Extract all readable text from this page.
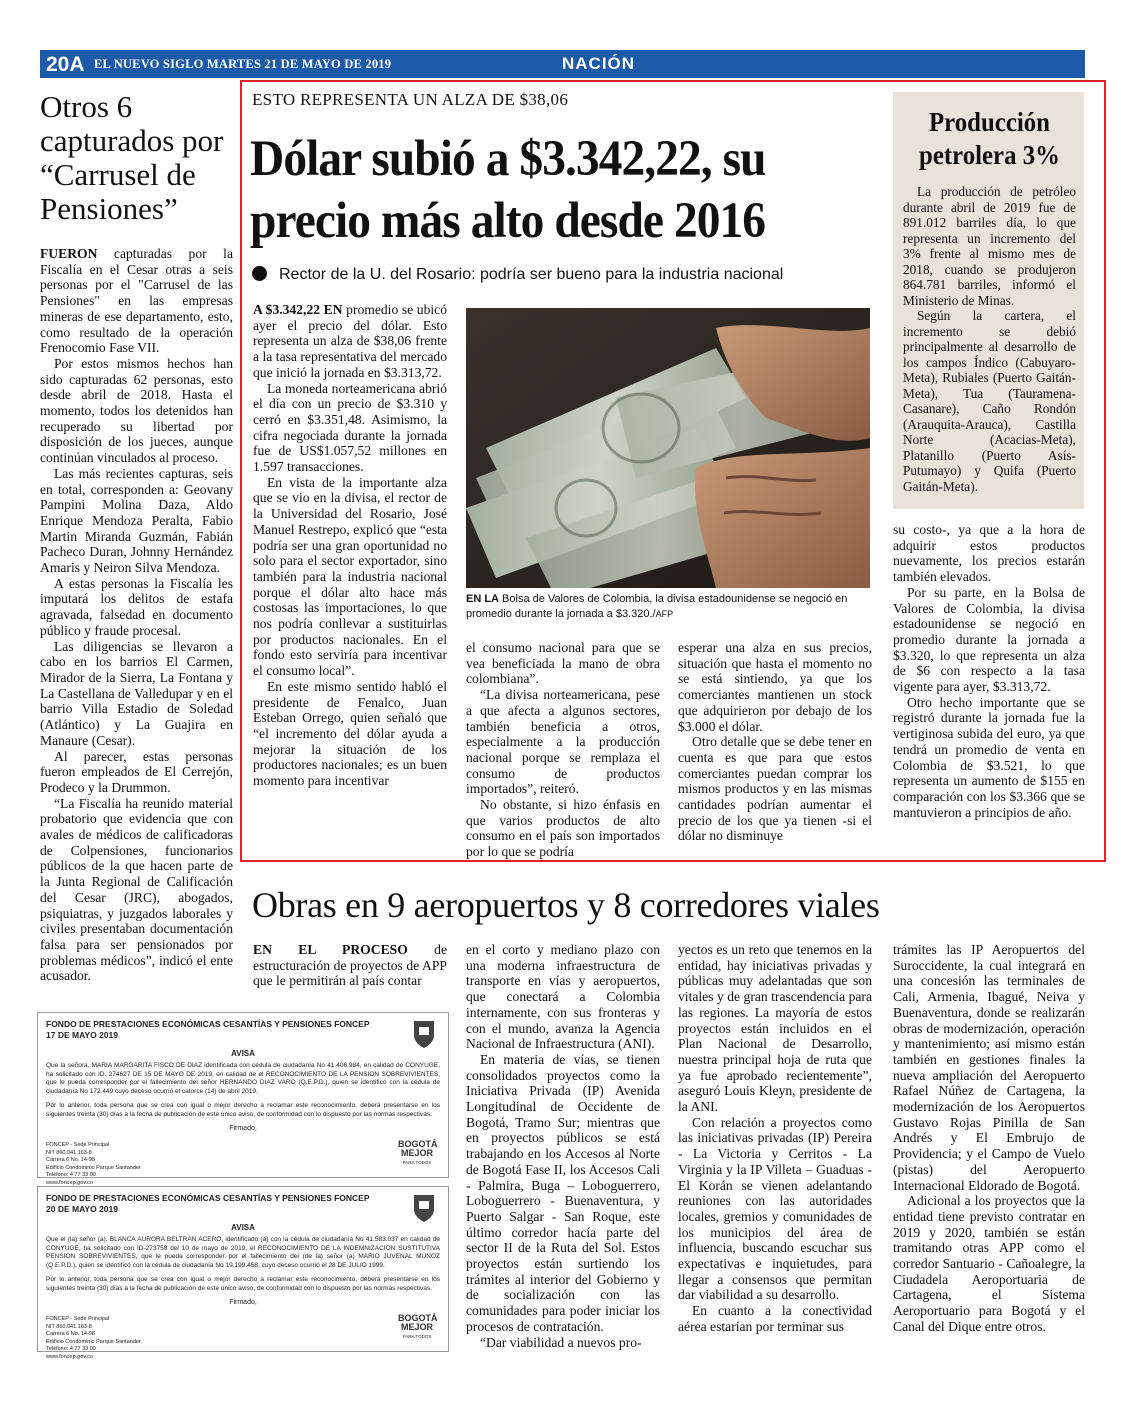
20A EL NUEVO SIGLO MARTES 21 DE MAYO DE 2019	NACIÓN
Otros 6 capturados por “Carrusel de Pensiones”

FUERON capturadas por la Fiscalía en el Cesar otras a seis personas por el "Carrusel de las Pensiones" en las empresas mineras de ese departamento, esto, como resultado de la operación Frenocomio Fase VII.

Por estos mismos hechos han sido capturadas 62 personas, esto desde abril de 2018. Hasta el momento, todos los detenidos han recuperado su libertad por disposición de los jueces, aunque continúan vinculados al proceso.

Las más recientes capturas, seis en total, corresponden a: Geovany Pampini Molina Daza, Aldo Enrique Mendoza Peralta, Fabio Martin Miranda Guzmán, Fabián Pacheco Duran, Johnny Hernández Amaris y Neiron Silva Mendoza.

A estas personas la Fiscalía les imputará los delitos de estafa agravada, falsedad en documento público y fraude procesal.

Las diligencias se llevaron a cabo en los barrios El Carmen, Mirador de la Sierra, La Fontana y La Castellana de Valledupar y en el barrio Villa Estadio de Soledad (Atlántico) y La Guajira en Manaure (Cesar).

Al parecer, estas personas fueron empleados de El Cerrejón, Prodeco y la Drummon.

“La Fiscalía ha reunido material probatorio que evidencia que con avales de médicos de calificadoras de Colpensiones, funcionarios públicos de la que hacen parte de la Junta Regional de Calificación del Cesar (JRC), abogados, psiquiatras, y juzgados laborales y civiles presentaban documentación falsa para ser pensionados por problemas médicos”, indicó el ente acusador.

ESTO REPRESENTA UN ALZA DE $38,06
Dólar subió a $3.342,22, su precio más alto desde 2016
Rector de la U. del Rosario: podría ser bueno para la industria nacional

A $3.342,22 EN promedio se ubicó ayer el precio del dólar. Esto representa un alza de $38,06 frente a la tasa representativa del mercado que inició la jornada en $3.313,72.

La moneda norteamericana abrió el día con un precio de $3.310 y cerró en $3.351,48. Asimismo, la cifra negociada durante la jornada fue de US$1.057,52 millones en 1.597 transacciones.

En vista de la importante alza que se vio en la divisa, el rector de la Universidad del Rosario, José Manuel Restrepo, explicó que “esta podría ser una gran oportunidad no solo para el sector exportador, sino también para la industria nacional porque el dólar alto hace más costosas las importaciones, lo que nos podría conllevar a sustituirlas por productos nacionales. En el fondo esto serviría para incentivar el consumo local”.

En este mismo sentido habló el presidente de Fenalco, Juan Esteban Orrego, quien señaló que “el incremento del dólar ayuda a mejorar la situación de los productores nacionales; es un buen momento para incentivar

EN LA Bolsa de Valores de Colombia, la divisa estadounidense se negoció en promedio durante la jornada a $3.320./AFP

el consumo nacional para que se vea beneficiada la mano de obra colombiana”.

“La divisa norteamericana, pese a que afecta a algunos sectores, también beneficia a otros, especialmente a la producción nacional porque se remplaza el consumo de productos importados”, reiteró.

No obstante, si hizo énfasis en que varios productos de alto consumo en el país son importados por lo que se podría

esperar una alza en sus precios, situación que hasta el momento no se está sintiendo, ya que los comerciantes mantienen un stock que adquirieron por debajo de los $3.000 el dólar.

Otro detalle que se debe tener en cuenta es que para que estos comerciantes puedan comprar los mismos productos y en las mismas cantidades podrían aumentar el precio de los que ya tienen -si el dólar no disminuye

Producción petrolera 3%

La producción de petróleo durante abril de 2019 fue de 891.012 barriles día, lo que representa un incremento del 3% frente al mismo mes de 2018, cuando se produjeron 864.781 barriles, informó el Ministerio de Minas.

Según la cartera, el incremento se debió principalmente al desarrollo de los campos Índico (Cabuyaro-Meta), Rubiales (Puerto Gaitán-Meta), Tua (Tauramena-Casanare), Caño Rondón (Arauquita-Arauca), Castilla Norte (Acacias-Meta), Platanillo (Puerto Asís-Putumayo) y Quifa (Puerto Gaitán-Meta).

su costo-, ya que a la hora de adquirir estos productos nuevamente, los precios estarán también elevados.

Por su parte, en la Bolsa de Valores de Colombia, la divisa estadounidense se negoció en promedio durante la jornada a $3.320, lo que representa un alza de $6 con respecto a la tasa vigente para ayer, $3.313,72.

Otro hecho importante que se registró durante la jornada fue la vertiginosa subida del euro, ya que tendrá un promedio de venta en Colombia de $3.521, lo que representa un aumento de $155 en comparación con los $3.366 que se mantuvieron a principios de año.

Obras en 9 aeropuertos y 8 corredores viales

EN EL PROCESO de estructuración de proyectos de APP que le permitirán al país contar

en el corto y mediano plazo con una moderna infraestructura de transporte en vías y aeropuertos, que conectará a Colombia internamente, con sus fronteras y con el mundo, avanza la Agencia Nacional de Infraestructura (ANI).

En materia de vías, se tienen consolidados proyectos como la Iniciativa Privada (IP) Avenida Longitudinal de Occidente de Bogotá, Tramo Sur; mientras que en proyectos públicos se está trabajando en los Accesos al Norte de Bogotá Fase II, los Accesos Cali - Palmira, Buga – Loboguerrero, Loboguerrero - Buenaventura, y Puerto Salgar - San Roque, este último corredor hacía parte del sector II de la Ruta del Sol. Estos proyectos están surtiendo los trámites al interior del Gobierno y de socialización con las comunidades para poder iniciar los procesos de contratación.

“Dar viabilidad a nuevos pro-

yectos es un reto que tenemos en la entidad, hay iniciativas privadas y públicas muy adelantadas que son vitales y de gran trascendencia para las regiones. La mayoría de estos proyectos están incluidos en el Plan Nacional de Desarrollo, nuestra principal hoja de ruta que ya fue aprobado recientemente”, aseguró Louis Kleyn, presidente de la ANI.

Con relación a proyectos como las iniciativas privadas (IP) Pereira - La Victoria y Cerritos - La Virginia y la IP Villeta – Guaduas - El Korán se vienen adelantando reuniones con las autoridades locales, gremios y comunidades de los municipios del área de influencia, buscando escuchar sus expectativas e inquietudes, para llegar a consensos que permitan dar viabilidad a su desarrollo.

En cuanto a la conectividad aérea estarían por terminar sus

trámites las IP Aeropuertos del Suroccidente, la cual integrará en una concesión las terminales de Cali, Armenia, Ibagué, Neiva y Buenaventura, donde se realizarán obras de modernización, operación y mantenimiento; así mismo están también en gestiones finales la nueva ampliación del Aeropuerto Rafael Núñez de Cartagena, la modernización de los Aeropuertos Gustavo Rojas Pinilla de San Andrés y El Embrujo de Providencia; y el Campo de Vuelo (pistas) del Aeropuerto Internacional Eldorado de Bogotá.

Adicional a los proyectos que la entidad tiene previsto contratar en 2019 y 2020, también se están tramitando otras APP como el corredor Santuario - Cañoalegre, la Ciudadela Aeroportuaria de Cartagena, el Sistema Aeroportuario para Bogotá y el Canal del Dique entre otros.

FONDO DE PRESTACIONES ECONÓMICAS CESANTÍAS Y PENSIONES FONCEP
17 DE MAYO 2019
AVISA
Que la señora, MARIA MARGARITA FISCO DE DIAZ identificada con cédula de ciudadanía No 41.406.984, en calidad de CONYUGE, ha solicitado con ID. 274627 DE 15 DE MAYO DE 2019, en calidad de el RECONOCIMIENTO DE LA PENSION SOBREVIVIENTES, que le pueda corresponder por el fallecimiento del señor HERNANDO DIAZ VARO (Q.E.P.D.), quien se identificó con la cédula de ciudadanía No 172.449 cuyo deceso ocurrió el catorce (14) de abril 2019.
Por lo anterior, toda persona que se crea con igual o mejor derecho a reclamar este reconocimiento, deberá presentarse en los siguientes treinta (30) días a la fecha de publicación de este único aviso, de conformidad con lo dispuesto por las normas respectivas.
Firmado,
FONCEP - Sede Principal
NIT 860.041.163-8
Carrera 6 No. 14-98
Edificio Condominio Parque Santander
Teléfono: 4 77 33 00
www.foncep.gov.co
BOGOTÁ MEJOR
PARA TODOS
FONDO DE PRESTACIONES ECONÓMICAS CESANTÍAS Y PENSIONES FONCEP
20 DE MAYO 2019
AVISA
Que el (la) señor (a), BLANCA AURORA BELTRAN ACERO, identificado (a) con la cédula de ciudadanía No 41.583.037 en calidad de CONYUGE, ha solicitado con ID-273758 del 10 de mayo de 2019, el RECONOCIMIENTO DE LA INDEMNIZACION SUSTITUTIVA PENSION SOBREVIVIENTES, que le pueda corresponder por el fallecimiento del (de la) señor (a) MARIO JUVENAL MUNOZ (Q.E.P.D.), quien se identificó con la cédula de ciudadanía No 19.199.458, cuyo deceso ocurrió el 28 DE JULIO 1999.
Por lo anterior, toda persona que se crea con igual o mejor derecho a reclamar este reconocimiento, deberá presentarse en los siguientes treinta (30) días a la fecha de publicación de este único aviso, de conformidad con lo dispuesto por las normas respectivas.
Firmado,
FONCEP - Sede Principal
NIT 860.041.163-8
Carrera 6 No. 14-98
Edificio Condominio Parque Santander
Teléfono: 4 77 33 00
www.foncep.gov.co
BOGOTÁ MEJOR
PARA TODOS
